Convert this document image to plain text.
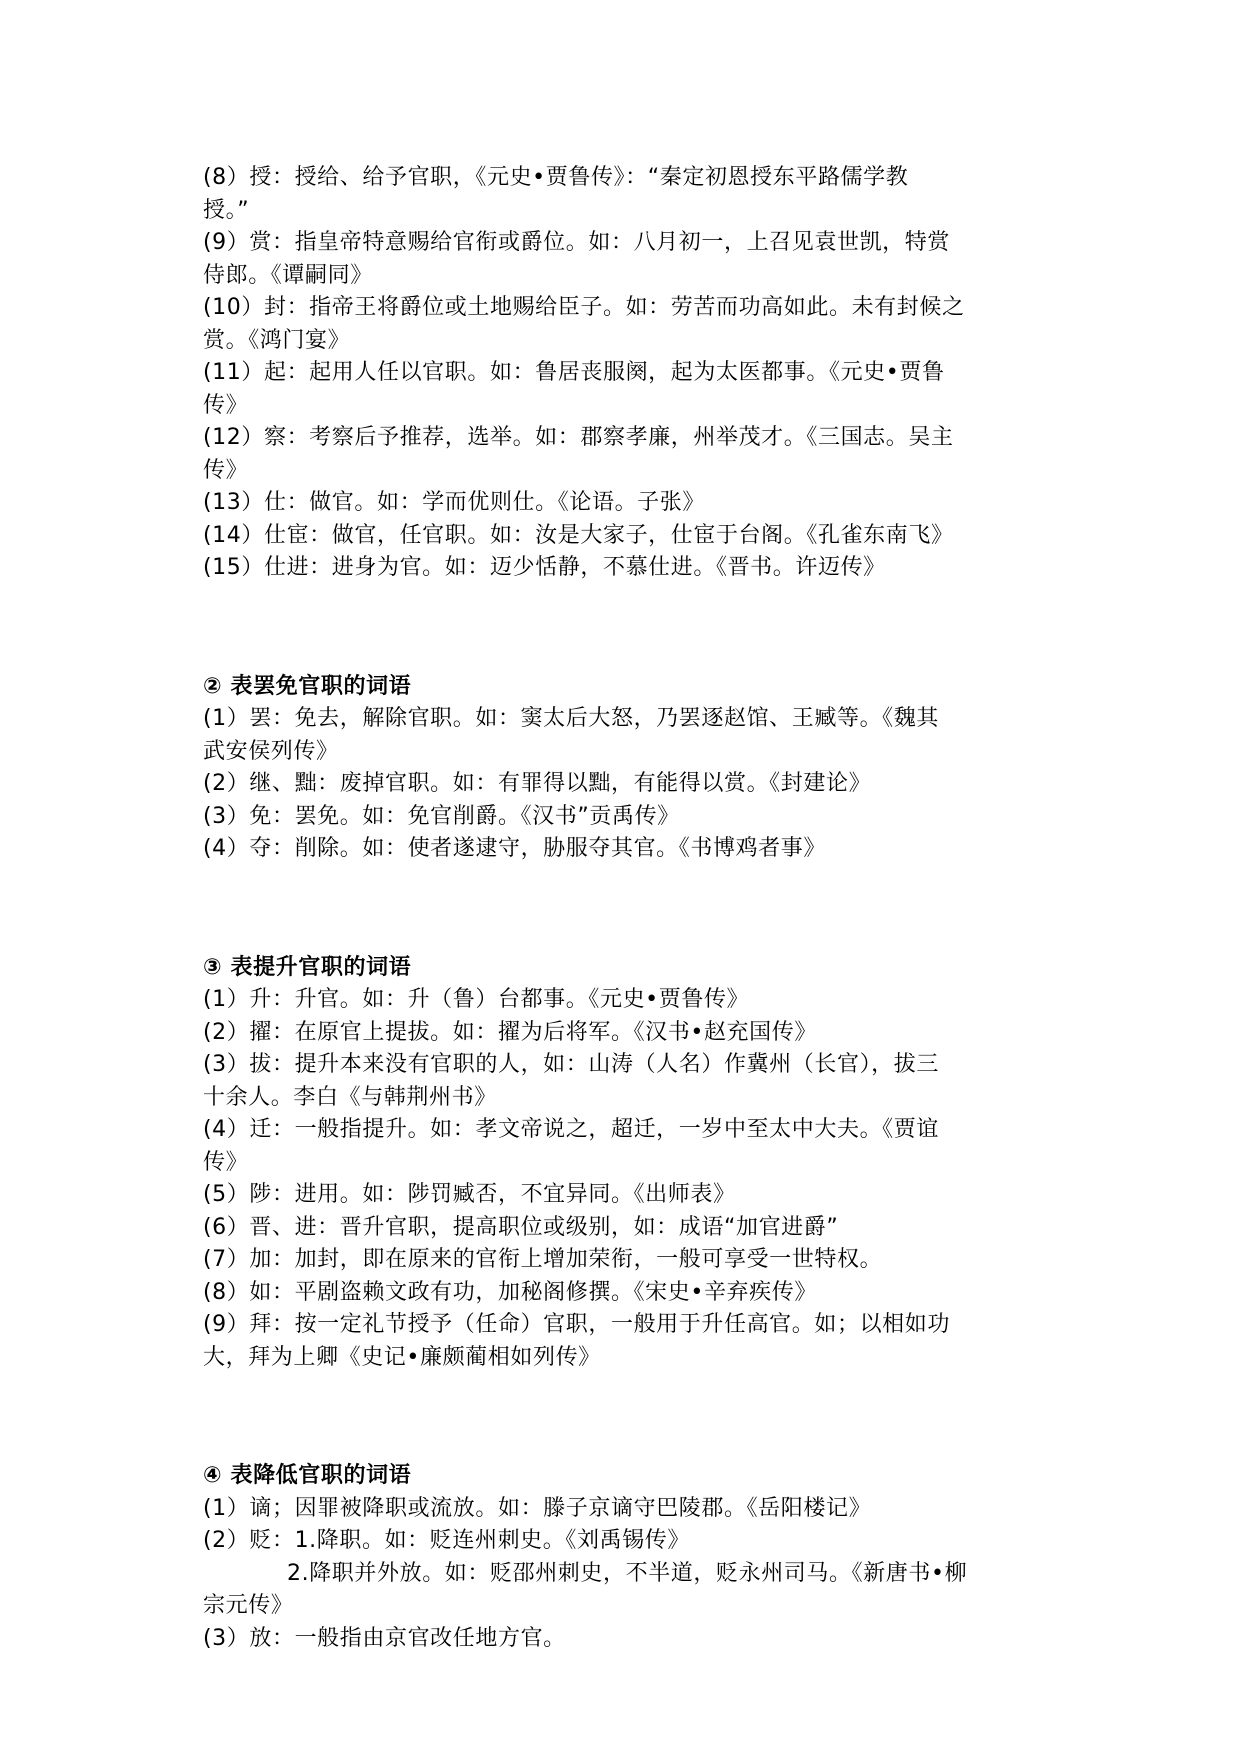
(8）授：授给、给予官职，《元史•贾鲁传》：“秦定初恩授东平路儒学教
授。”
(9）赏：指皇帝特意赐给官衔或爵位。如：八月初一，上召见袁世凯，特赏
侍郎。《谭嗣同》
(10）封：指帝王将爵位或土地赐给臣子。如：劳苦而功高如此。未有封候之
赏。《鸿门宴》
(11）起：起用人任以官职。如：鲁居丧服阕，起为太医都事。《元史•贾鲁
传》
(12）察：考察后予推荐，选举。如：郡察孝廉，州举茂才。《三国志。吴主
传》
(13）仕：做官。如：学而优则仕。《论语。子张》
(14）仕宦：做官，任官职。如：汝是大家子，仕宦于台阁。《孔雀东南飞》
(15）仕进：进身为官。如：迈少恬静，不慕仕进。《晋书。许迈传》
② 表罢免官职的词语
(1）罢：免去，解除官职。如：窦太后大怒，乃罢逐赵馆、王臧等。《魏其
武安侯列传》
(2）继、黜：废掉官职。如：有罪得以黜，有能得以赏。《封建论》
(3）免：罢免。如：免官削爵。《汉书”贡禹传》
(4）夺：削除。如：使者遂逮守，胁服夺其官。《书博鸡者事》
③ 表提升官职的词语
(1）升：升官。如：升（鲁）台都事。《元史•贾鲁传》
(2）擢：在原官上提拔。如：擢为后将军。《汉书•赵充国传》
(3）拔：提升本来没有官职的人，如：山涛（人名）作冀州（长官），拔三
十余人。李白《与韩荆州书》
(4）迁：一般指提升。如：孝文帝说之，超迁，一岁中至太中大夫。《贾谊
传》
(5）陟：进用。如：陟罚臧否，不宜异同。《出师表》
(6）晋、进：晋升官职，提高职位或级别，如：成语“加官进爵”
(7）加：加封，即在原来的官衔上增加荣衔，一般可享受一世特权。
(8）如：平剧盗赖文政有功，加秘阁修撰。《宋史•辛弃疾传》
(9）拜：按一定礼节授予（任命）官职，一般用于升任高官。如；以相如功
大，拜为上卿《史记•廉颇蔺相如列传》
④ 表降低官职的词语
(1）谪；因罪被降职或流放。如：滕子京谪守巴陵郡。《岳阳楼记》
(2）贬：1.降职。如：贬连州刺史。《刘禹锡传》
2.降职并外放。如：贬邵州刺史，不半道，贬永州司马。《新唐书•柳
宗元传》
(3）放：一般指由京官改任地方官。
